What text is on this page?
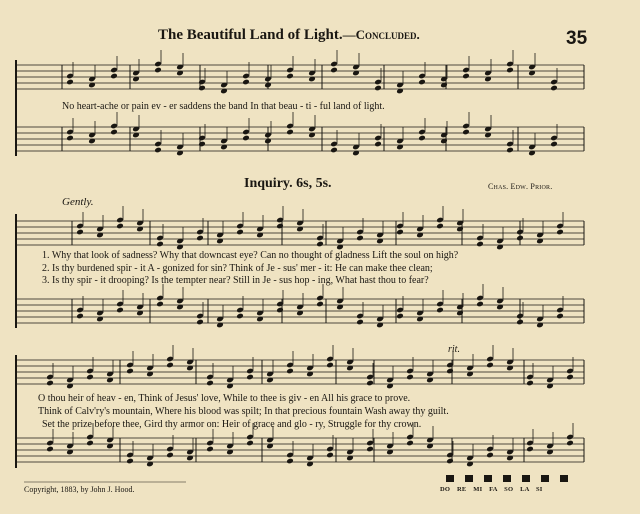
The Beautiful Land of Light.—Concluded.	35
No heart-ache or pain ev - er saddens the band In that beau - ti - ful land of light.
Inquiry. 6s, 5s.	Chas. Edw. Prior.
Gently.
1. Why that look of sadness? Why that downcast eye? Can no thought of gladness Lift the soul on high?
2. Is thy burdened spir - it A - gonized for sin? Think of Je - sus' mer - it: He can make thee clean;
3. Is thy spir - it drooping? Is the tempter near? Still in Je - sus hop - ing, What hast thou to fear?
rit.
O thou heir of heav - en, Think of Jesus' love, While to thee is giv - en All his grace to prove.
Think of Calv'ry's mountain, Where his blood was spilt; In that precious fountain Wash away thy guilt.
Set the prize before thee, Gird thy armor on: Heir of grace and glo - ry, Struggle for thy crown.
Copyright, 1883, by John J. Hood.	DO RE MI FA SO LA SI
